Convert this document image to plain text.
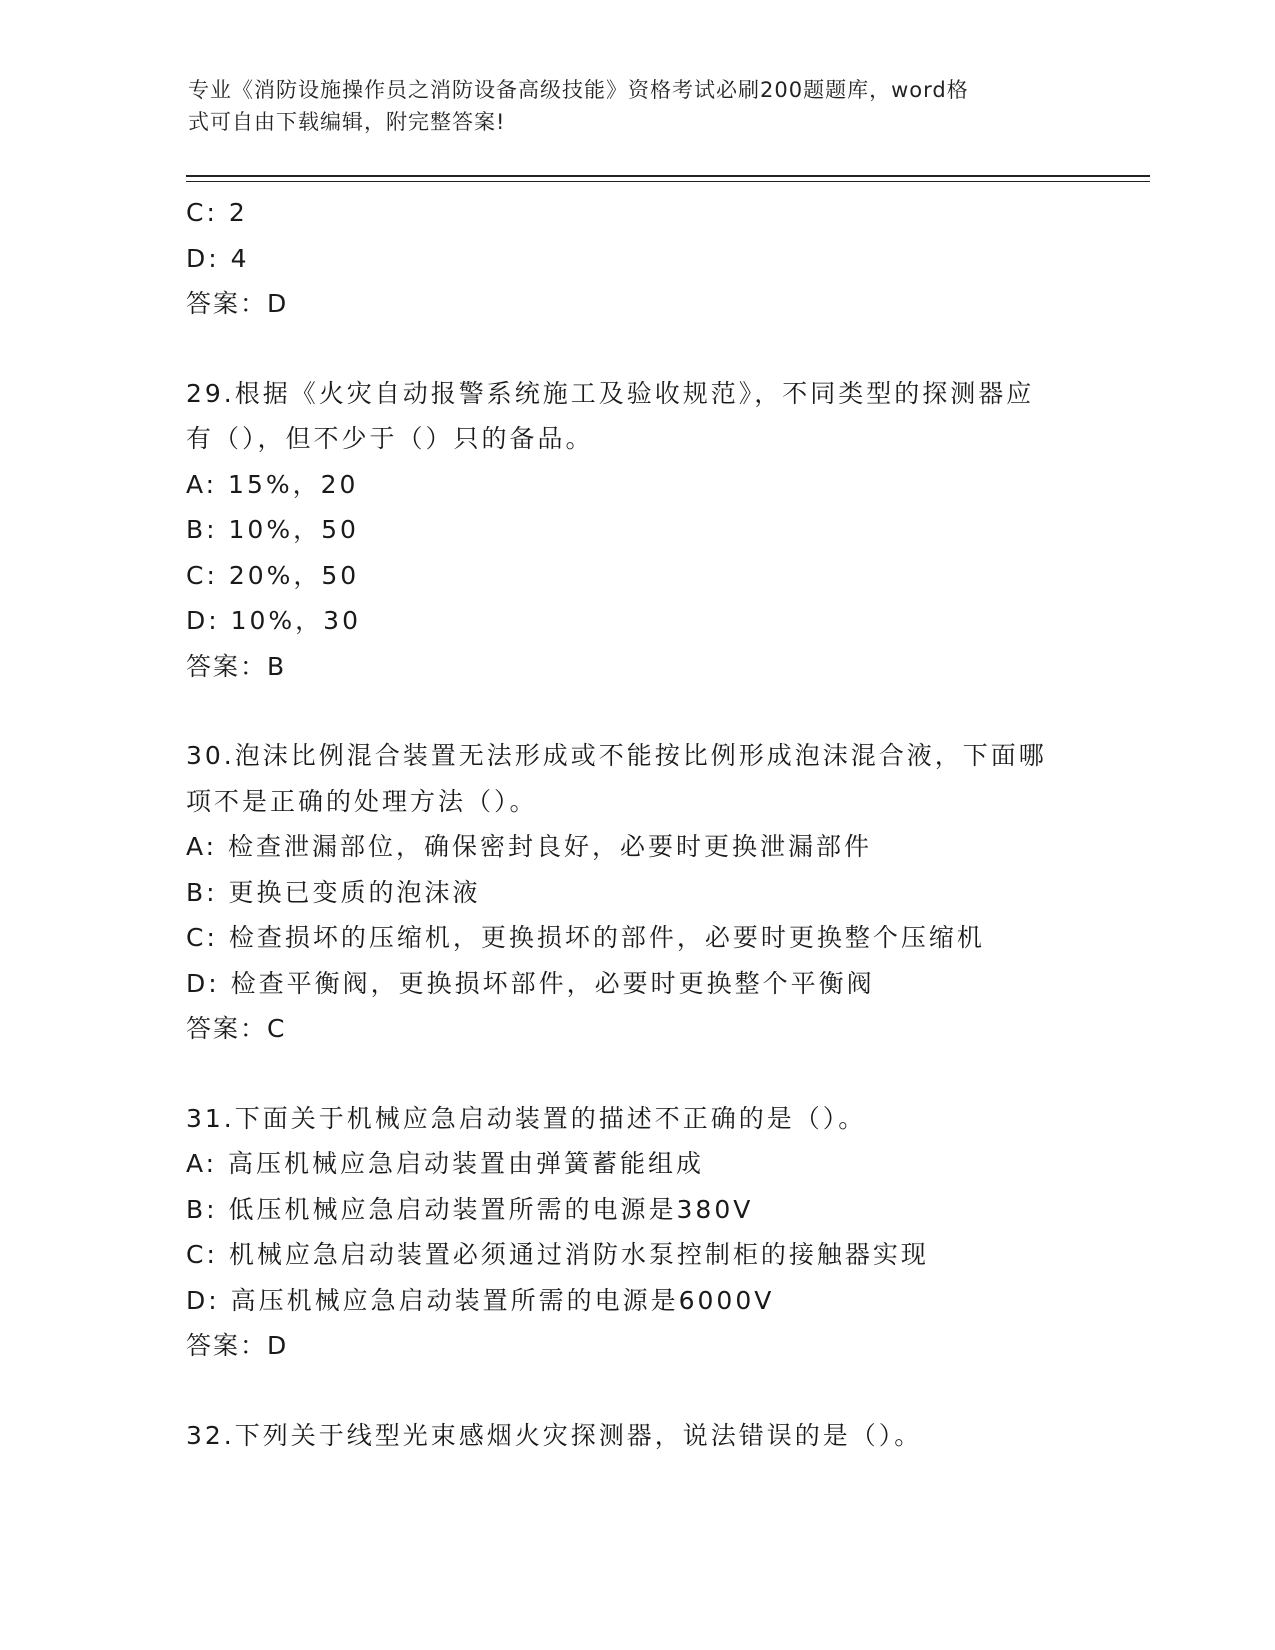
专业《消防设施操作员之消防设备高级技能》资格考试必刷200题题库，word格
式可自由下载编辑，附完整答案!
C: 2
D: 4
答案：D
29.根据《火灾自动报警系统施工及验收规范》，不同类型的探测器应
有（），但不少于（）只的备品。
A: 15%，20
B: 10%，50
C: 20%，50
D: 10%，30
答案：B
30.泡沫比例混合装置无法形成或不能按比例形成泡沫混合液，下面哪
项不是正确的处理方法（）。
A: 检查泄漏部位，确保密封良好，必要时更换泄漏部件
B: 更换已变质的泡沫液
C: 检查损坏的压缩机，更换损坏的部件，必要时更换整个压缩机
D: 检查平衡阀，更换损坏部件，必要时更换整个平衡阀
答案：C
31.下面关于机械应急启动装置的描述不正确的是（）。
A: 高压机械应急启动装置由弹簧蓄能组成
B: 低压机械应急启动装置所需的电源是380V
C: 机械应急启动装置必须通过消防水泵控制柜的接触器实现
D: 高压机械应急启动装置所需的电源是6000V
答案：D
32.下列关于线型光束感烟火灾探测器，说法错误的是（）。
